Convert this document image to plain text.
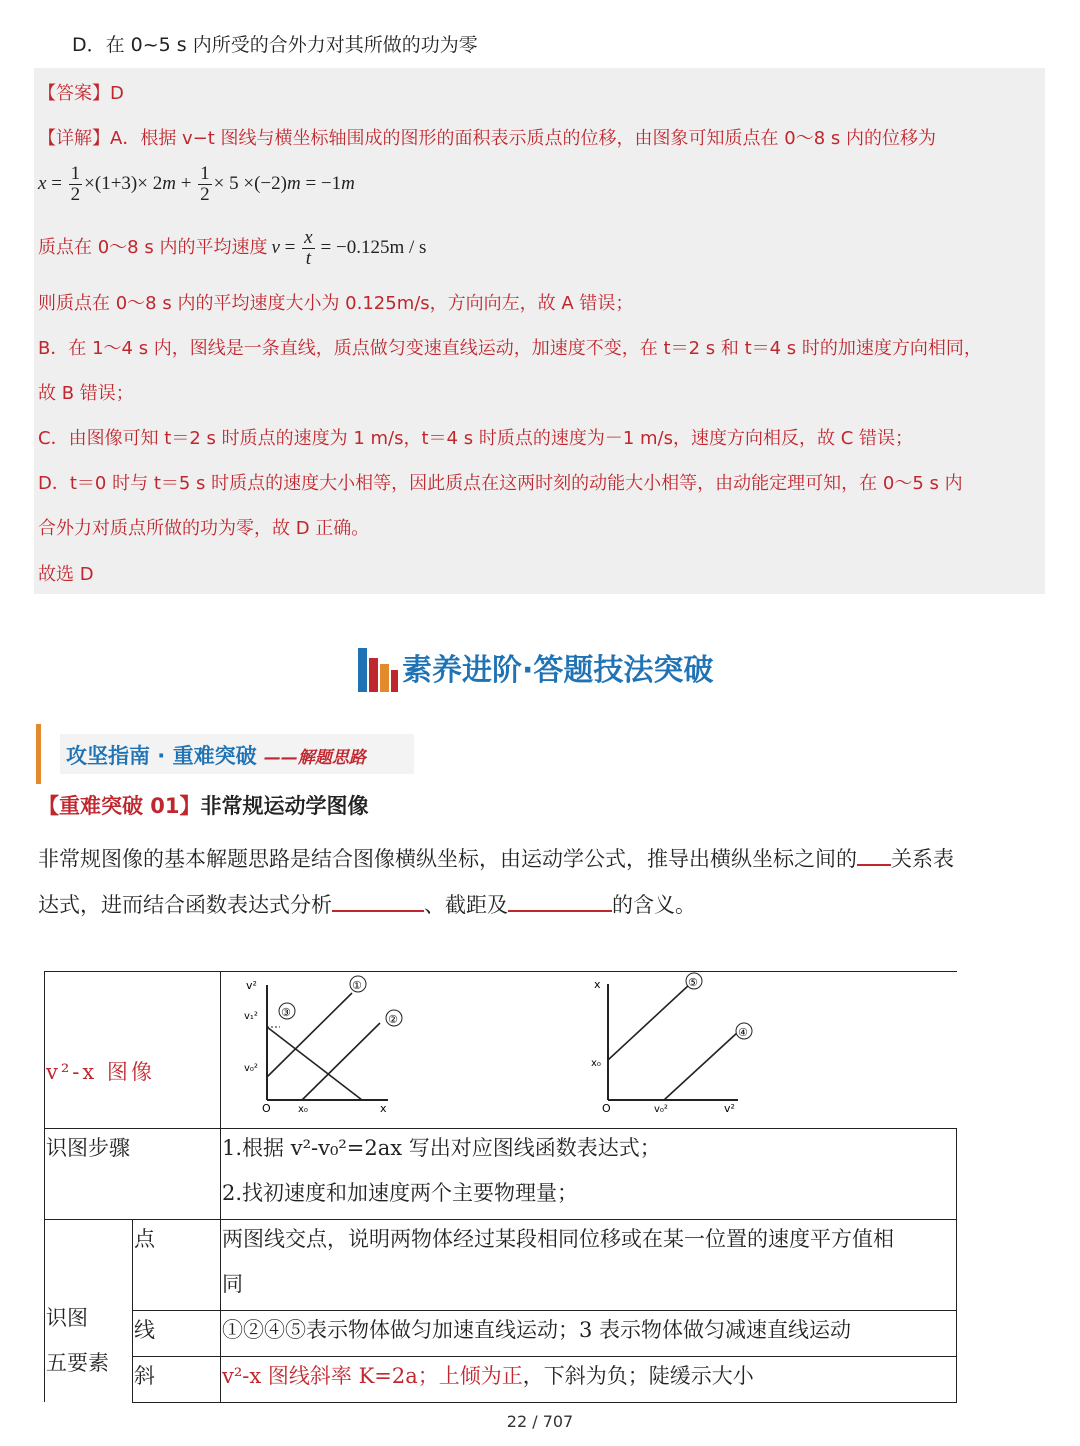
D．在 0~5 s 内所受的合外力对其所做的功为零
【答案】D
【详解】A．根据 v−t 图线与横坐标轴围成的图形的面积表示质点的位移，由图象可知质点在 0～8 s 内的位移为
$x = \frac{1}{2} \times(1+3)\times 2m + \frac{1}{2} \times 5 \times(-2)m = -1m$
质点在 0～8 s 内的平均速度 $v = \frac{x}{t} = -0.125m / s$
则质点在 0～8 s 内的平均速度大小为 0.125m/s，方向向左，故 A 错误；
B．在 1～4 s 内，图线是一条直线，质点做匀变速直线运动，加速度不变，在 t＝2 s 和 t＝4 s 时的加速度方向相同，
故 B 错误；
C．由图像可知 t＝2 s 时质点的速度为 1 m/s，t＝4 s 时质点的速度为－1 m/s，速度方向相反，故 C 错误；
D．t＝0 时与 t＝5 s 时质点的速度大小相等，因此质点在这两时刻的动能大小相等，由动能定理可知，在 0～5 s 内
合外力对质点所做的功为零，故 D 正确。
故选 D
素养进阶·答题技法突破
攻坚指南 · 重难突破 ——解题思路
【重难突破 01】非常规运动学图像
非常规图像的基本解题思路是结合图像横纵坐标，由运动学公式，推导出横纵坐标之间的 关系表
达式，进而结合函数表达式分析	、截距及	的含义。
v²-x 图像
v²
v₁²
v₀²
O	x₀	x
①
②
③
x
x₀
O	v₀²	v²
⑤
④
识图步骤	1.根据 v²-v₀²=2ax 写出对应图线函数表达式；
2.找初速度和加速度两个主要物理量；
识图
五要素
点	两图线交点，说明两物体经过某段相同位移或在某一位置的速度平方值相
同
线	①②④⑤表示物体做匀加速直线运动；3 表示物体做匀减速直线运动
斜	v²-x 图线斜率 K=2a；上倾为正，下斜为负；陡缓示大小
22 / 707
